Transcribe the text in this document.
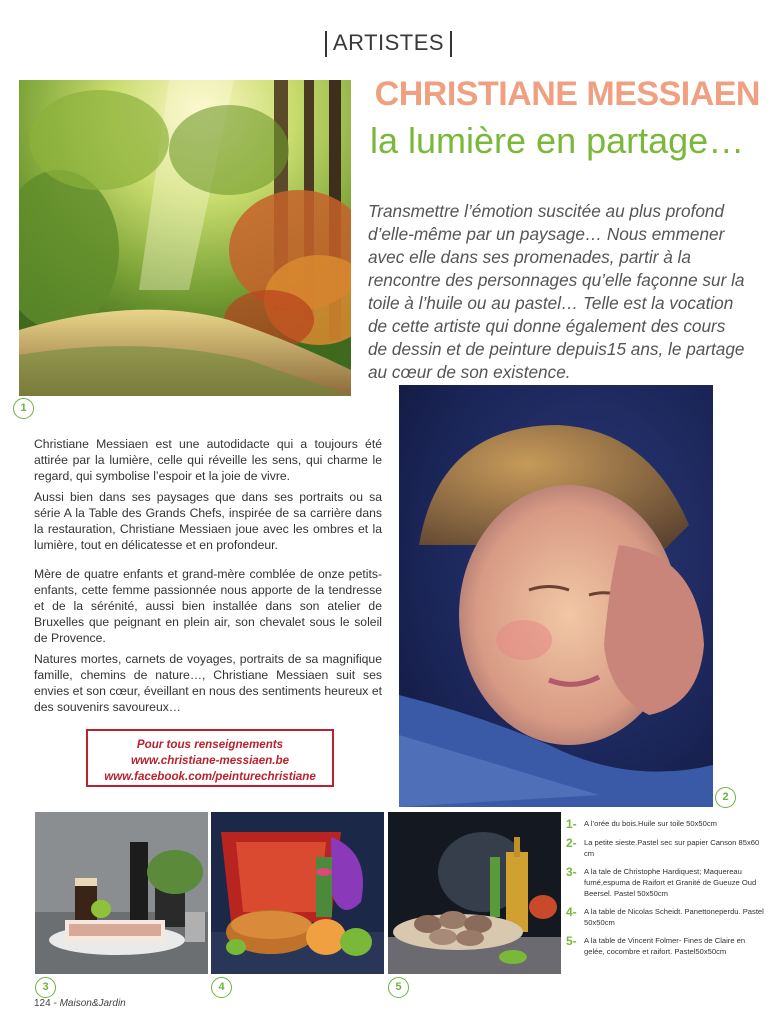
ARTISTES
CHRISTIANE MESSIAEN
la lumière en partage…
Transmettre l’émotion suscitée au plus profond d’elle-même par un paysage… Nous emmener avec elle dans ses promenades, partir à la rencontre des personnages qu’elle façonne sur la toile à l’huile ou au pastel… Telle est la vocation de cette artiste qui donne également des cours de dessin et de peinture depuis15 ans, le partage au cœur de son existence.
1

Christiane Messiaen est une autodidacte qui a toujours été attirée par la lumière, celle qui réveille les sens, qui charme le regard, qui symbolise l’espoir et la joie de vivre.

Aussi bien dans ses paysages que dans ses portraits ou sa série A la Table des Grands Chefs, inspirée de sa carrière dans la restauration, Christiane Messiaen joue avec les ombres et la lumière, tout en délicatesse et en profondeur.

Mère de quatre enfants et grand-mère comblée de onze petits-enfants, cette femme passionnée nous apporte de la tendresse et de la sérénité, aussi bien installée dans son atelier de Bruxelles que peignant en plein air, son chevalet sous le soleil de Provence.

Natures mortes, carnets de voyages, portraits de sa magnifique famille, chemins de nature…, Christiane Messiaen suit ses envies et son cœur, éveillant en nous des sentiments heureux et des souvenirs savoureux…

Pour tous renseignements
www.christiane-messiaen.be
www.facebook.com/peinturechristiane
2
3	4	5
1- A l’orée du bois.Huile sur toile 50x50cm
2- La petite sieste.Pastel sec sur papier Canson 85x60 cm
3- A la tale de Christophe Hardiquest; Maquereau fumé,espuma de Raifort et Granité de Gueuze Oud Beersel. Pastel 50x50cm
4- A la table de Nicolas Scheidt. Panettoneperdu. Pastel 50x50cm
5- A la table de Vincent Folmer- Fines de Claire en gelée, cocombre et raifort. Pastel50x50cm
124 - Maison&Jardin
